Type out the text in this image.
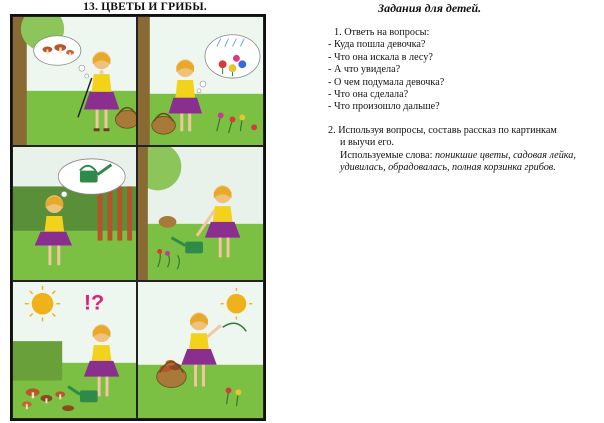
13. ЦВЕТЫ И ГРИБЫ.
!?
Задания для детей.

1. Ответь на вопросы:

- Куда пошла девочка?

- Что она искала в лесу?

- А что увидела?

- О чем подумала девочка?

- Что она сделала?

- Что произошло дальше?

2. Используя вопросы, составь рассказ по картинкам

и выучи его.

Используемые слова: поникшие цветы, садовая лейка,

удивилась, обрадовалась, полная корзинка грибов.
